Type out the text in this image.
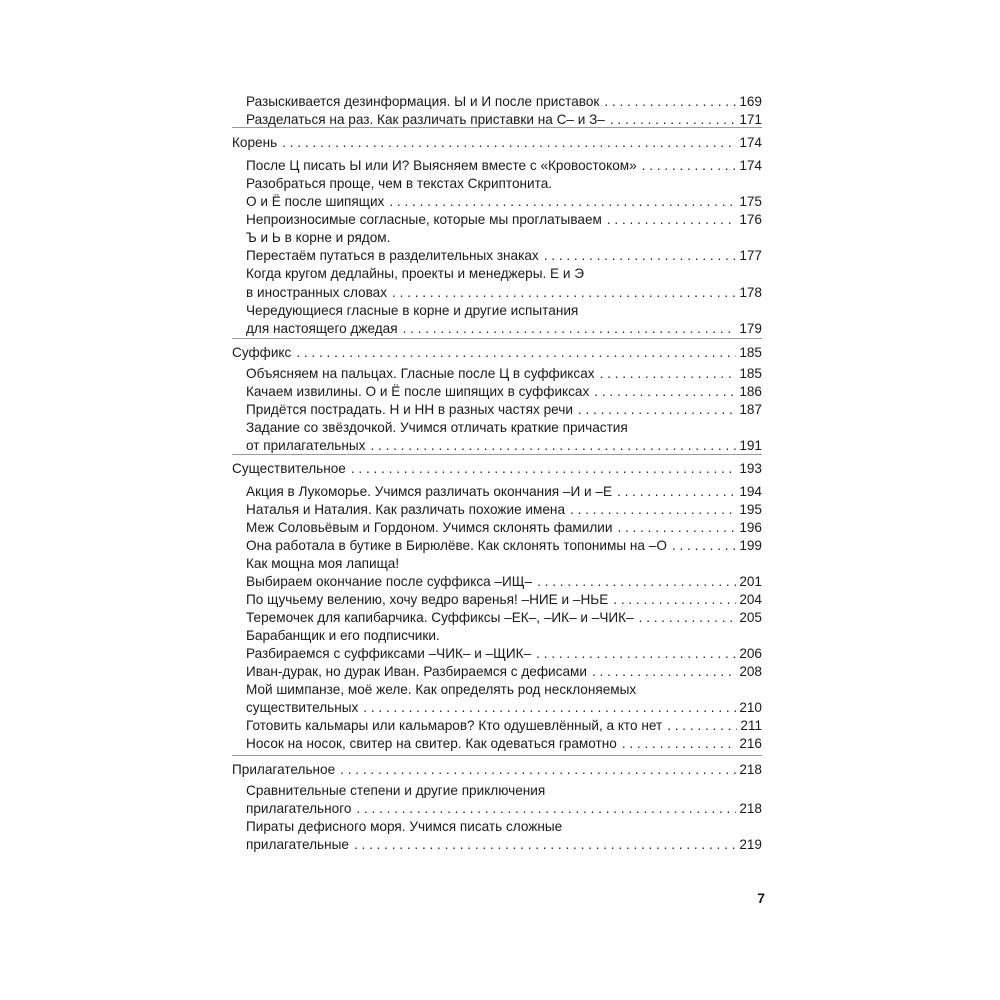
Разыскивается дезинформация. Ы и И после приставок . . .	169
Разделаться на раз. Как различать приставки на С– и З– . . .	171
Корень . . .	174
После Ц писать Ы или И? Выясняем вместе с «Кровостоком» . . .	174
Разобраться проще, чем в текстах Скриптонита.
О и Ё после шипящих . . .	175
Непроизносимые согласные, которые мы проглатываем . . .	176
Ъ и Ь в корне и рядом.
Перестаём путаться в разделительных знаках . . .	177
Когда кругом дедлайны, проекты и менеджеры. Е и Э
в иностранных словах . . .	178
Чередующиеся гласные в корне и другие испытания
для настоящего джедая . . .	179
Суффикс . . .	185
Объясняем на пальцах. Гласные после Ц в суффиксах . . .	185
Качаем извилины. О и Ё после шипящих в суффиксах . . .	186
Придётся пострадать. Н и НН в разных частях речи . . .	187
Задание со звёздочкой. Учимся отличать краткие причастия
от прилагательных . . .	191
Существительное . . .	193
Акция в Лукоморье. Учимся различать окончания –И и –Е . . .	194
Наталья и Наталия. Как различать похожие имена . . .	195
Меж Соловьёвым и Гордоном. Учимся склонять фамилии . . .	196
Она работала в бутике в Бирюлёве. Как склонять топонимы на –О . . .	199
Как мощна моя лапища!
Выбираем окончание после суффикса –ИЩ– . . .	201
По щучьему велению, хочу ведро варенья! –НИЕ и –НЬЕ . . .	204
Теремочек для капибарчика. Суффиксы –ЕК–, –ИК– и –ЧИК– . . .	205
Барабанщик и его подписчики.
Разбираемся с суффиксами –ЧИК– и –ЩИК– . . .	206
Иван-дурак, но дурак Иван. Разбираемся с дефисами . . .	208
Мой шимпанзе, моё желе. Как определять род несклоняемых
существительных . . .	210
Готовить кальмары или кальмаров? Кто одушевлённый, а кто нет . . .	211
Носок на носок, свитер на свитер. Как одеваться грамотно . . .	216
Прилагательное . . .	218
Сравнительные степени и другие приключения
прилагательного . . .	218
Пираты дефисного моря. Учимся писать сложные
прилагательные . . .	219
7
